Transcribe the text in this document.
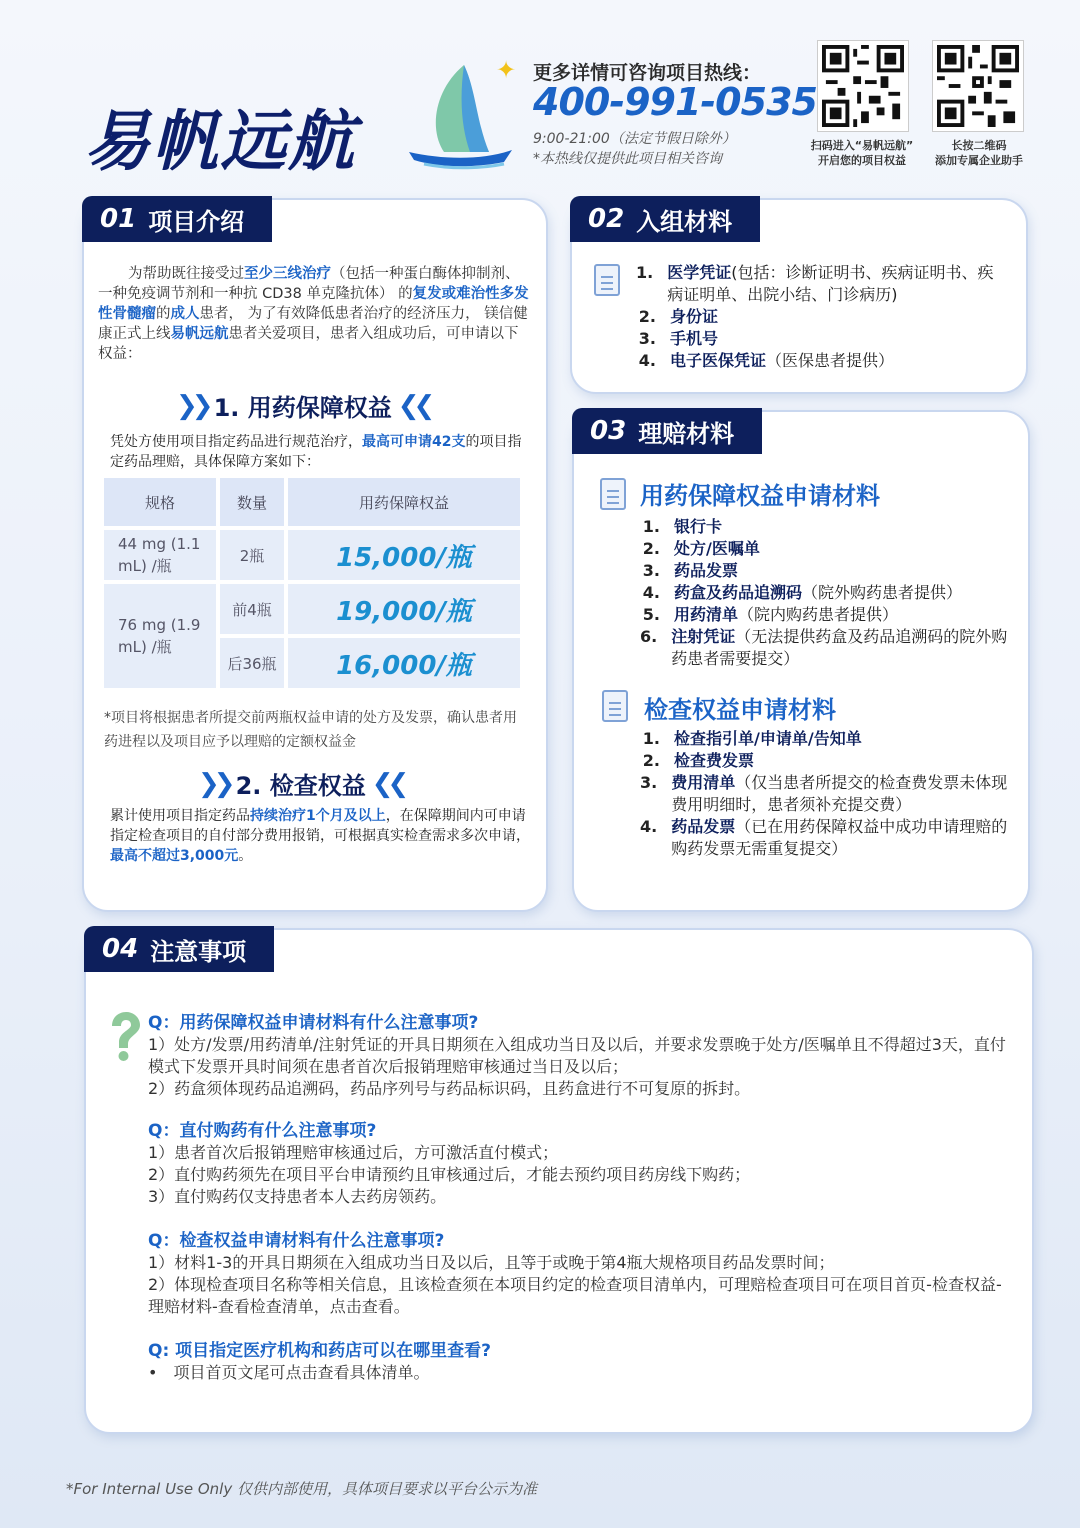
易帆远航
✦ 更多详情可咨询项目热线：
400-991-0535
9:00-21:00（法定节假日除外）
*本热线仅提供此项目相关咨询
扫码进入“易帆远航”
开启您的项目权益
长按二维码
添加专属企业助手
01 项目介绍
为帮助既往接受过至少三线治疗（包括一种蛋白酶体抑制剂、一种免疫调节剂和一种抗 CD38 单克隆抗体） 的复发或难治性多发性骨髓瘤的成人患者， 为了有效降低患者治疗的经济压力， 镁信健康正式上线易帆远航患者关爱项目，患者入组成功后，可申请以下权益：
❯❯ 1. 用药保障权益 ❮❮
凭处方使用项目指定药品进行规范治疗，最高可申请42支的项目指定药品理赔，具体保障方案如下：
规格	数量	用药保障权益
44 mg (1.1 mL) /瓶
2瓶	15,000/瓶
76 mg (1.9 mL) /瓶
前4瓶	19,000/瓶
后36瓶	16,000/瓶
*项目将根据患者所提交前两瓶权益申请的处方及发票，确认患者用药进程以及项目应予以理赔的定额权益金
❯❯ 2. 检查权益 ❮❮
累计使用项目指定药品持续治疗1个月及以上，在保障期间内可申请指定检查项目的自付部分费用报销，可根据真实检查需求多次申请，最高不超过3,000元。
02 入组材料
1. 医学凭证(包括：诊断证明书、疾病证明书、疾病证明单、出院小结、门诊病历)
2. 身份证
3. 手机号
4. 电子医保凭证（医保患者提供）
03 理赔材料
用药保障权益申请材料
1. 银行卡
2. 处方/医嘱单
3. 药品发票
4. 药盒及药品追溯码（院外购药患者提供）
5. 用药清单（院内购药患者提供）
6. 注射凭证（无法提供药盒及药品追溯码的院外购药患者需要提交）
检查权益申请材料
1. 检查指引单/申请单/告知单
2. 检查费发票
3. 费用清单（仅当患者所提交的检查费发票未体现费用明细时，患者须补充提交费）
4. 药品发票（已在用药保障权益中成功申请理赔的购药发票无需重复提交）
04 注意事项
Q：用药保障权益申请材料有什么注意事项?
1）处方/发票/用药清单/注射凭证的开具日期须在入组成功当日及以后，并要求发票晚于处方/医嘱单且不得超过3天，直付模式下发票开具时间须在患者首次后报销理赔审核通过当日及以后；
2）药盒须体现药品追溯码，药品序列号与药品标识码，且药盒进行不可复原的拆封。
Q：直付购药有什么注意事项?
1）患者首次后报销理赔审核通过后，方可激活直付模式；
2）直付购药须先在项目平台申请预约且审核通过后，才能去预约项目药房线下购药；
3）直付购药仅支持患者本人去药房领药。
Q：检查权益申请材料有什么注意事项?
1）材料1-3的开具日期须在入组成功当日及以后，且等于或晚于第4瓶大规格项目药品发票时间；
2）体现检查项目名称等相关信息，且该检查须在本项目约定的检查项目清单内，可理赔检查项目可在项目首页-检查权益-理赔材料-查看检查清单，点击查看。
Q: 项目指定医疗机构和药店可以在哪里查看?
•　项目首页文尾可点击查看具体清单。
*For Internal Use Only 仅供内部使用，具体项目要求以平台公示为准
